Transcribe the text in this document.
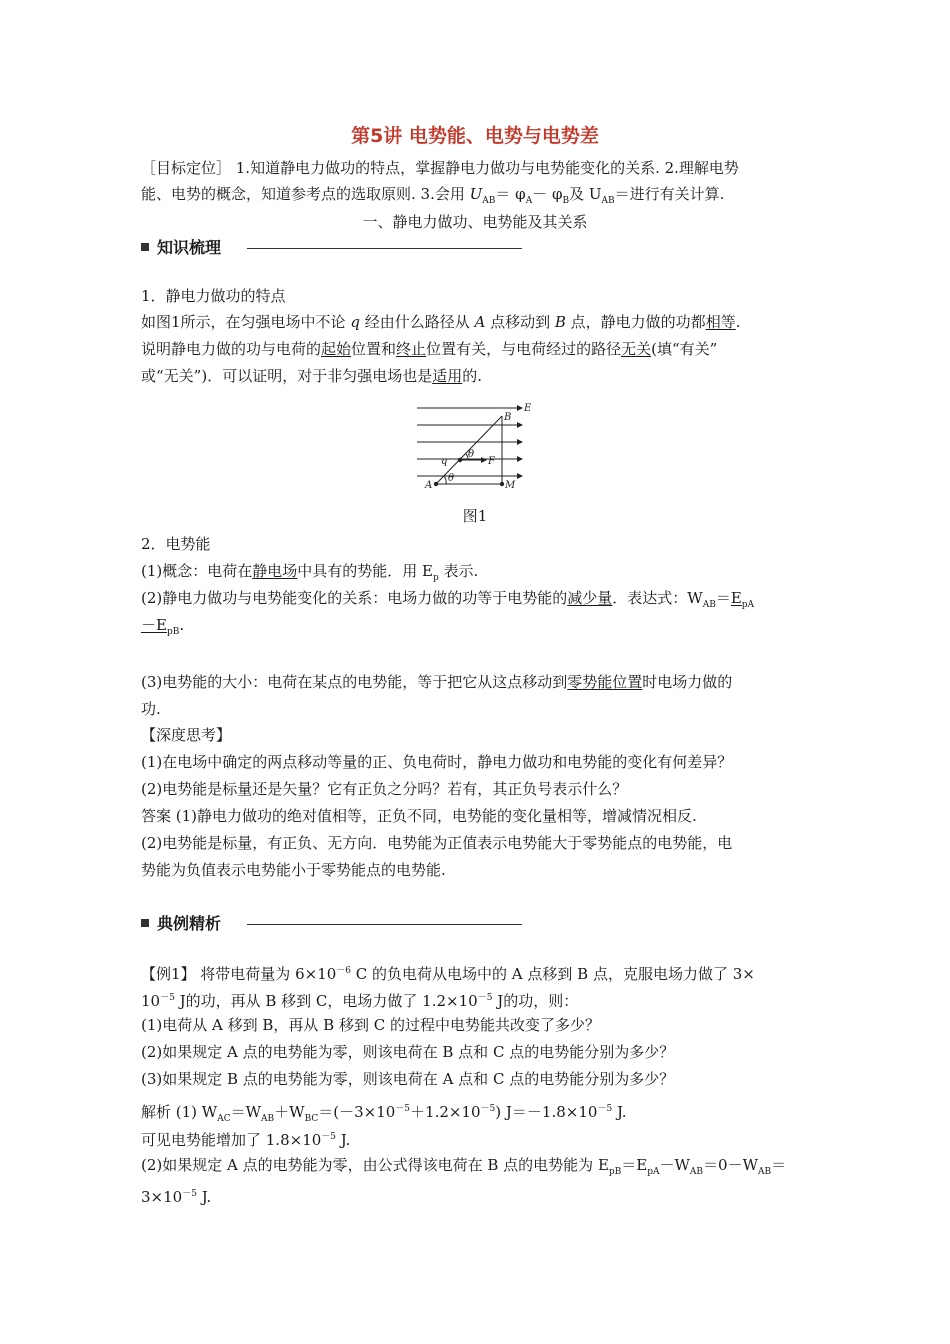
第5讲 电势能、电势与电势差
［目标定位］ 1.知道静电力做功的特点，掌握静电力做功与电势能变化的关系. 2.理解电势
能、电势的概念，知道参考点的选取原则. 3.会用 $U_{AB}= \varphi_A- \varphi_B$及 $U_{AB}=$进行有关计算.
一、静电力做功、电势能及其关系
知识梳理
1．静电力做功的特点
如图1所示，在匀强电场中不论 q 经由什么路径从 A 点移动到 B 点，静电力做的功都相等.
说明静电力做的功与电荷的起始位置和终止位置有关，与电荷经过的路径无关(填“有关”
或“无关”)．可以证明，对于非匀强电场也是适用的.
E
B
q
θ
F
A
θ
M
图1
2．电势能
(1)概念：电荷在静电场中具有的势能．用 $E_p$ 表示.
(2)静电力做功与电势能变化的关系：电场力做的功等于电势能的减少量．表达式：$W_{AB}=E_{pA}$
$-E_{pB}$.
(3)电势能的大小：电荷在某点的电势能，等于把它从这点移动到零势能位置时电场力做的
功.
【深度思考】
(1)在电场中确定的两点移动等量的正、负电荷时，静电力做功和电势能的变化有何差异？
(2)电势能是标量还是矢量？它有正负之分吗？若有，其正负号表示什么？
答案 (1)静电力做功的绝对值相等，正负不同，电势能的变化量相等，增减情况相反.
(2)电势能是标量，有正负、无方向．电势能为正值表示电势能大于零势能点的电势能，电
势能为负值表示电势能小于零势能点的电势能.
典例精析
【例1】 将带电荷量为 $6\times 10^{-6}$ C 的负电荷从电场中的 A 点移到 B 点，克服电场力做了 3×
$10^{-5}$ J的功，再从 B 移到 C，电场力做了 $1.2\times 10^{-5}$ J的功，则：
(1)电荷从 A 移到 B，再从 B 移到 C 的过程中电势能共改变了多少？
(2)如果规定 A 点的电势能为零，则该电荷在 B 点和 C 点的电势能分别为多少？
(3)如果规定 B 点的电势能为零，则该电荷在 A 点和 C 点的电势能分别为多少？
解析 (1) $W_{AC}=W_{AB}+W_{BC}=(-3\times 10^{-5}+1.2\times 10^{-5})$ $J=-1.8\times 10^{-5}$ J.
可见电势能增加了 $1.8\times 10^{-5}$ J.
(2)如果规定 A 点的电势能为零，由公式得该电荷在 B 点的电势能为 $E_{pB}=E_{pA}-W_{AB}=0-W_{AB}=$
$3\times 10^{-5}$ J.
